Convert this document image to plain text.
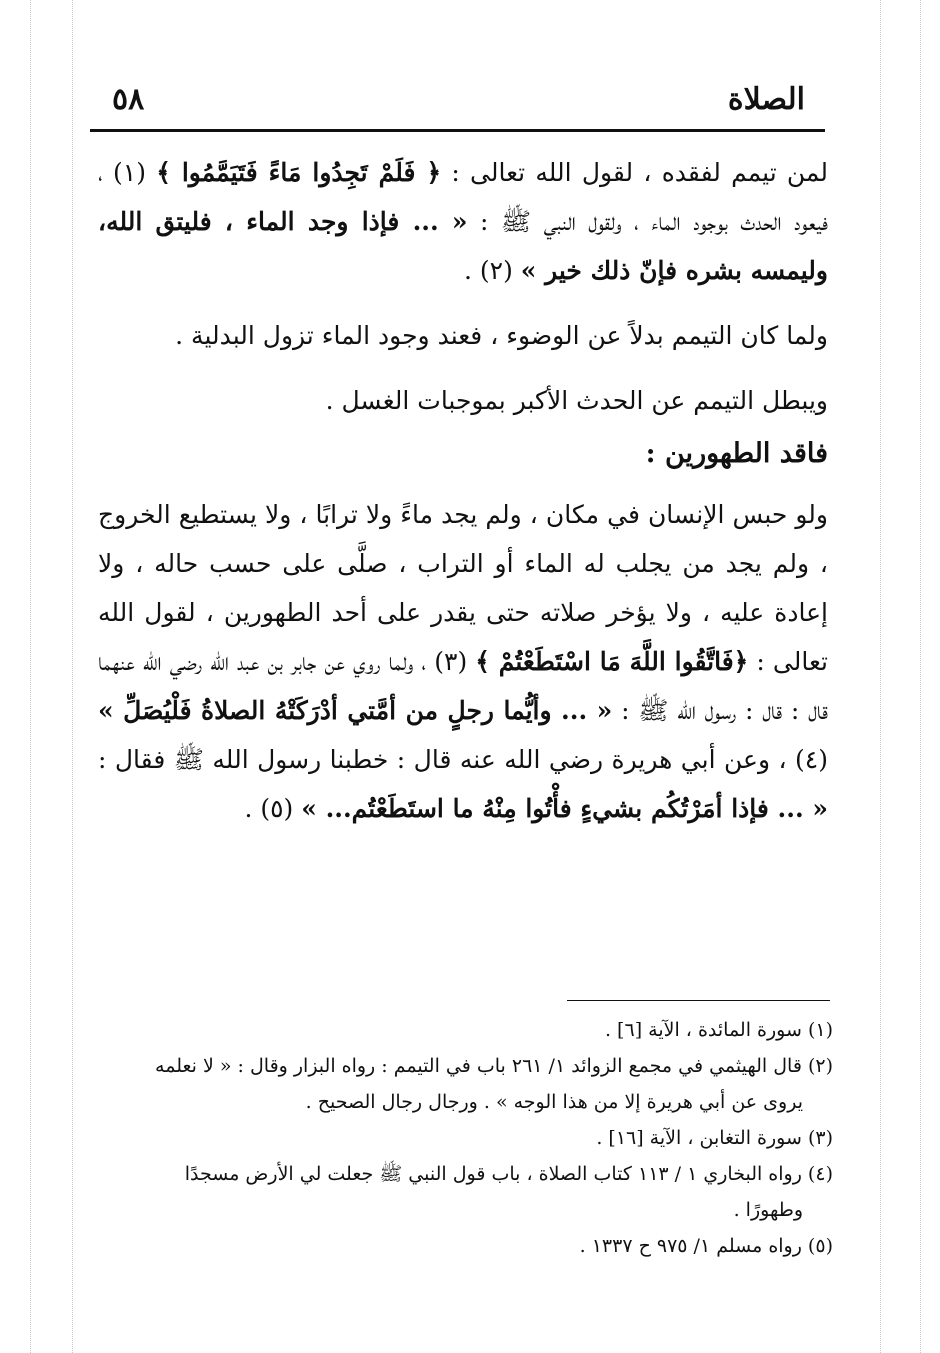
الصلاة
٥٨

لمن تيمم لفقده ، لقول الله تعالى : ﴿ فَلَمْ تَجِدُوا مَاءً فَتَيَمَّمُوا ﴾ (١) ، فيعود الحدث بوجود الماء ، ولقول النبي ﷺ : « ... فإذا وجد الماء ، فليتق الله، وليمسه بشره فإنّ ذلك خير » (٢) .

ولما كان التيمم بدلاً عن الوضوء ، فعند وجود الماء تزول البدلية .

ويبطل التيمم عن الحدث الأكبر بموجبات الغسل .

فاقد الطهورين :

ولو حبس الإنسان في مكان ، ولم يجد ماءً ولا ترابًا ، ولا يستطيع الخروج ، ولم يجد من يجلب له الماء أو التراب ، صلَّى على حسب حاله ، ولا إعادة عليه ، ولا يؤخر صلاته حتى يقدر على أحد الطهورين ، لقول الله تعالى : ﴿فَاتَّقُوا اللَّهَ مَا اسْتَطَعْتُمْ ﴾ (٣) ، ولما روي عن جابر بن عبد الله رضي الله عنهما قال : قال : رسول الله ﷺ : « ... وأيُّما رجلٍ من أمَّتي أدْرَكَتْهُ الصلاةُ فَلْيُصَلِّ » (٤) ، وعن أبي هريرة رضي الله عنه قال : خطبنا رسول الله ﷺ فقال : « ... فإذا أمَرْتُكُم بشيءٍ فأْتُوا مِنْهُ ما استَطَعْتُم... » (٥) .

(١) سورة المائدة ، الآية [٦] .

(٢) قال الهيثمي في مجمع الزوائد ١/ ٢٦١ باب في التيمم : رواه البزار وقال : « لا نعلمه

يروى عن أبي هريرة إلا من هذا الوجه » . ورجال رجال الصحيح .

(٣) سورة التغابن ، الآية [١٦] .

(٤) رواه البخاري ١ / ١١٣ كتاب الصلاة ، باب قول النبي ﷺ جعلت لي الأرض مسجدًا

وطهورًا .

(٥) رواه مسلم ١/ ٩٧٥ ح ١٣٣٧ .
